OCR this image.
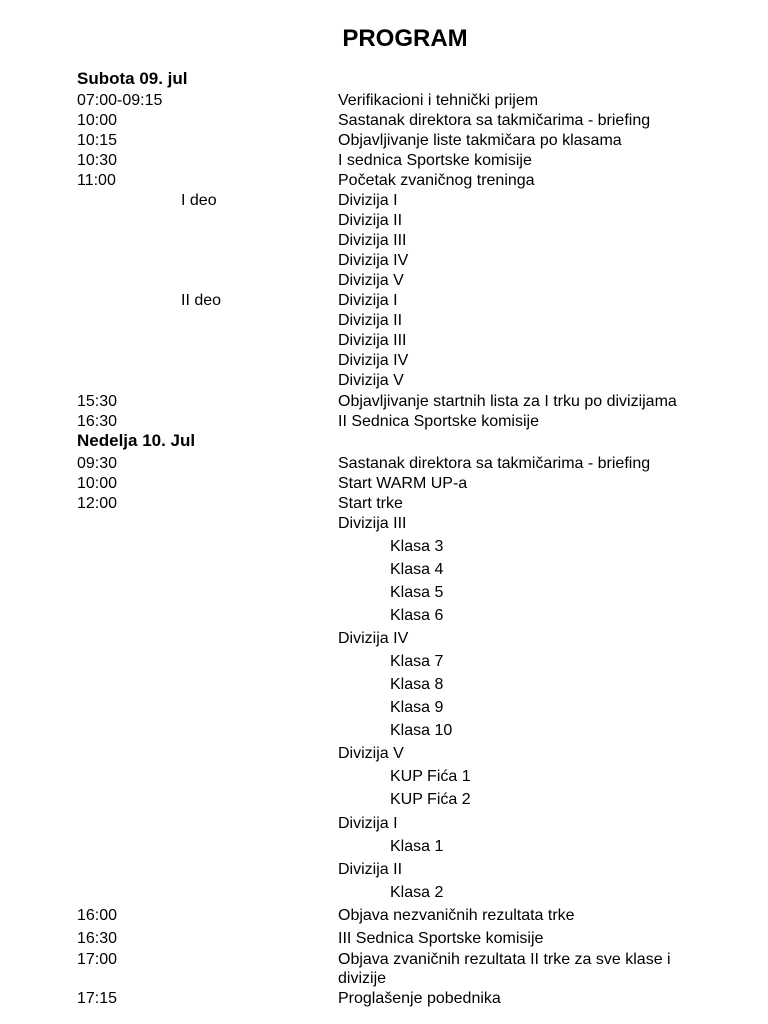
PROGRAM
Subota 09. jul
07:00-09:15	Verifikacioni i tehnički prijem
10:00	Sastanak direktora sa takmičarima - briefing
10:15	Objavljivanje liste takmičara po klasama
10:30	I sednica Sportske komisije
11:00	Početak zvaničnog treninga
I deo	Divizija I
Divizija II
Divizija III
Divizija IV
Divizija V
II deo	Divizija I
Divizija II
Divizija III
Divizija IV
Divizija V
15:30	Objavljivanje startnih lista za I trku po divizijama
16:30	II Sednica Sportske komisije
Nedelja 10. Jul
09:30	Sastanak direktora sa takmičarima - briefing
10:00	Start WARM UP-a
12:00	Start trke
Divizija III
Klasa 3
Klasa 4
Klasa 5
Klasa 6
Divizija IV
Klasa 7
Klasa 8
Klasa 9
Klasa 10
Divizija V
KUP Fića 1
KUP Fića 2
Divizija I
Klasa 1
Divizija II
Klasa 2
16:00	Objava nezvaničnih rezultata trke
16:30	III Sednica Sportske komisije
17:00	Objava zvaničnih rezultata II trke za sve klase i divizije
17:15	Proglašenje pobednika
